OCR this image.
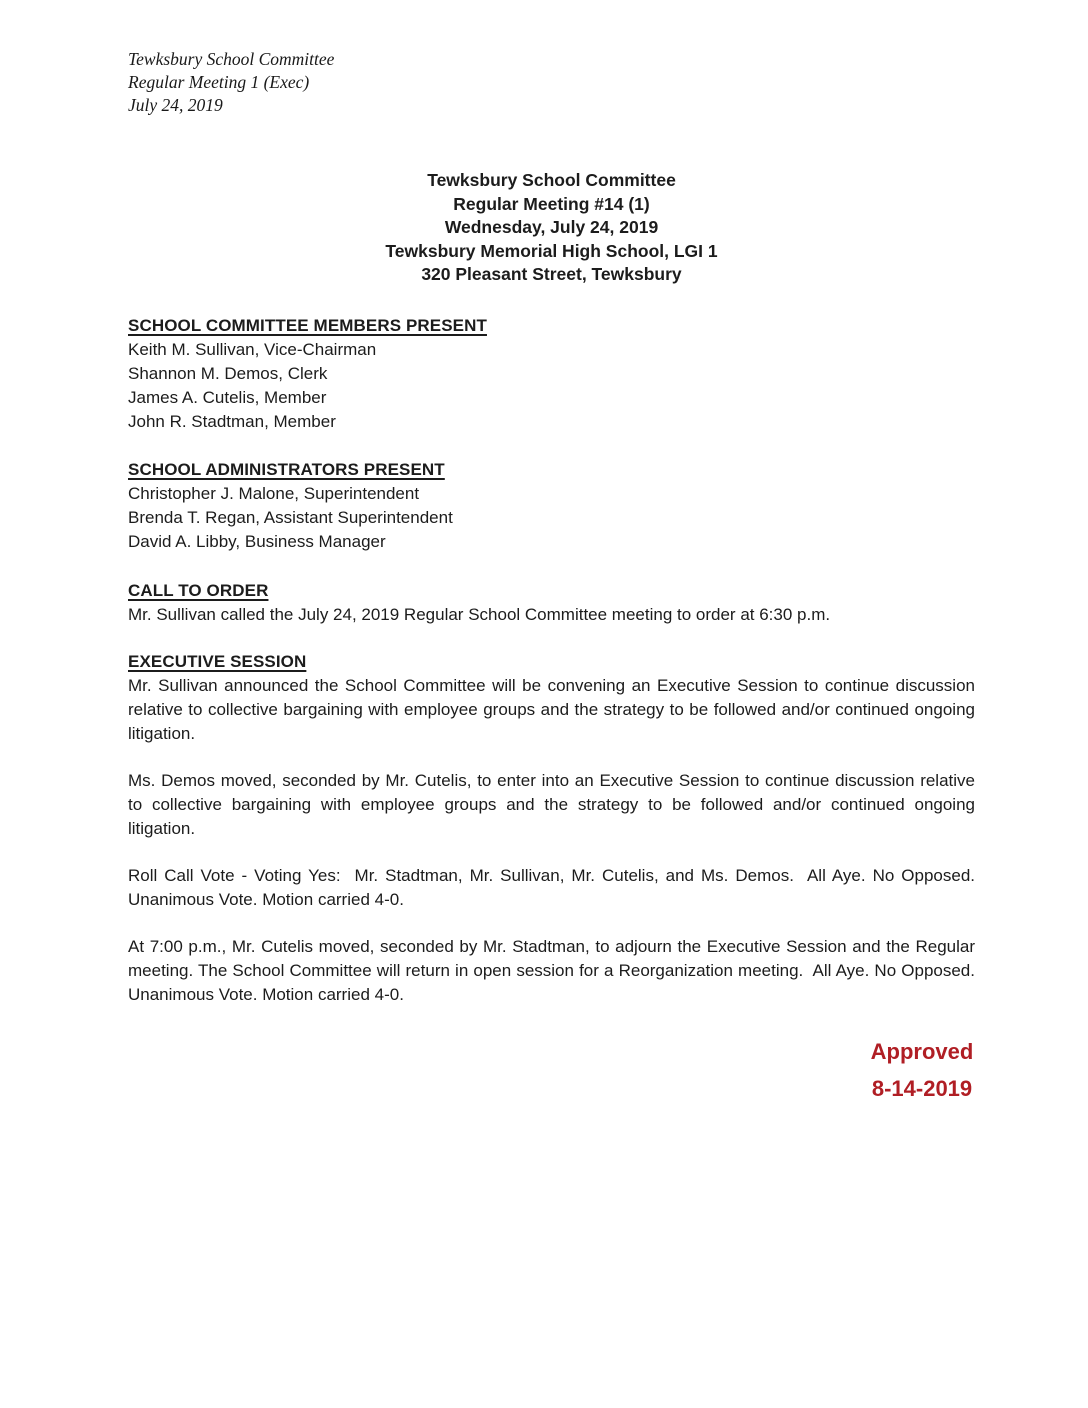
Tewksbury School Committee
Regular Meeting 1 (Exec)
July 24, 2019
Tewksbury School Committee
Regular Meeting #14 (1)
Wednesday, July 24, 2019
Tewksbury Memorial High School, LGI 1
320 Pleasant Street, Tewksbury
SCHOOL COMMITTEE MEMBERS PRESENT
Keith M. Sullivan, Vice-Chairman
Shannon M. Demos, Clerk
James A. Cutelis, Member
John R. Stadtman, Member
SCHOOL ADMINISTRATORS PRESENT
Christopher J. Malone, Superintendent
Brenda T. Regan, Assistant Superintendent
David A. Libby, Business Manager
CALL TO ORDER
Mr. Sullivan called the July 24, 2019 Regular School Committee meeting to order at 6:30 p.m.
EXECUTIVE SESSION
Mr. Sullivan announced the School Committee will be convening an Executive Session to continue discussion relative to collective bargaining with employee groups and the strategy to be followed and/or continued ongoing litigation.
Ms. Demos moved, seconded by Mr. Cutelis, to enter into an Executive Session to continue discussion relative to collective bargaining with employee groups and the strategy to be followed and/or continued ongoing litigation.
Roll Call Vote - Voting Yes:  Mr. Stadtman, Mr. Sullivan, Mr. Cutelis, and Ms. Demos.  All Aye. No Opposed. Unanimous Vote. Motion carried 4-0.
At 7:00 p.m., Mr. Cutelis moved, seconded by Mr. Stadtman, to adjourn the Executive Session and the Regular meeting. The School Committee will return in open session for a Reorganization meeting.  All Aye. No Opposed. Unanimous Vote. Motion carried 4-0.
Approved
8-14-2019
